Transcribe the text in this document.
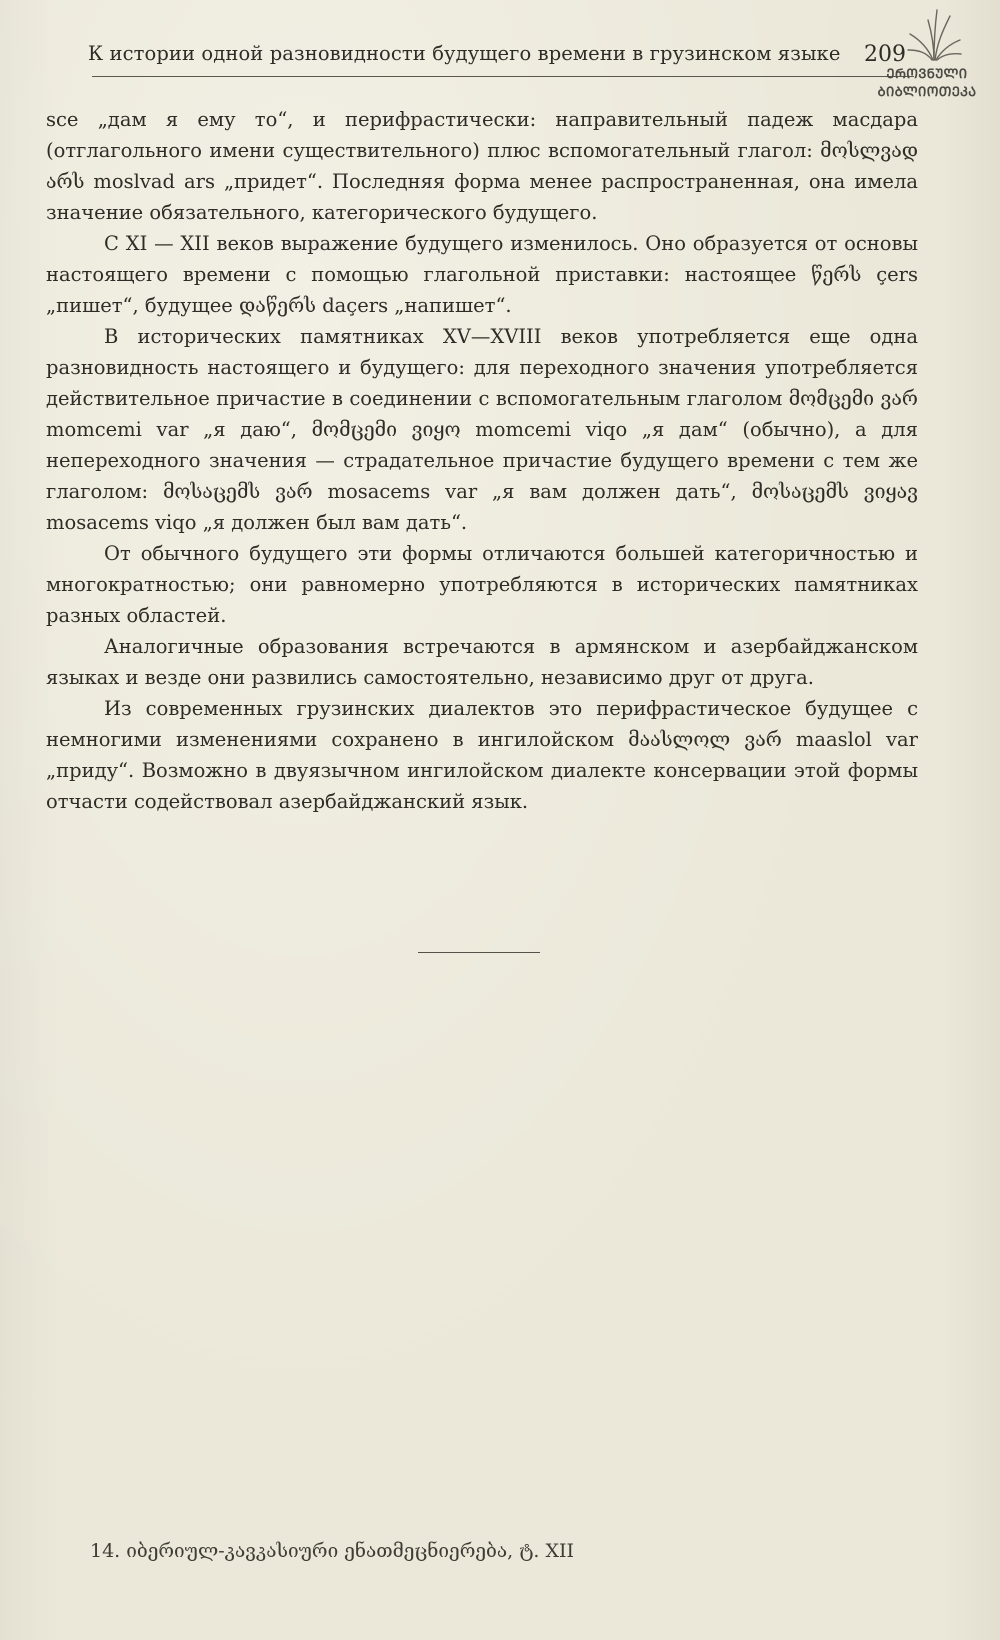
К истории одной разновидности будущего времени в грузинском языке 209
ᲔᲠᲝᲕᲜᲣᲚᲘ
ᲑᲘᲑᲚᲘᲝᲗᲔᲙᲐ

sce „дам я ему то“, и перифрастически: направительный падеж масдара (отглагольного имени существительного) плюс вспомогательный глагол: მოსლვად არს moslvad ars „придет“. Последняя форма менее распространенная, она имела значение обязательного, категорического будущего.

С XI — XII веков выражение будущего изменилось. Оно образуется от основы настоящего времени с помощью глагольной приставки: настоящее წერს çers „пишет“, будущее დაწერს daçers „напишет“.

В исторических памятниках XV—XVIII веков употребляется еще одна разновидность настоящего и будущего: для переходного значения употребляется действительное причастие в соединении с вспомогательным глаголом მომცემი ვარ momcemi var „я даю“, მომცემი ვიყო momcemi viqo „я дам“ (обычно), а для непереходного значения — страдательное причастие будущего времени с тем же глаголом: მოსაცემს ვარ mosacems var „я вам должен дать“, მოსაცემს ვიყავ mosacems viqo „я должен был вам дать“.

От обычного будущего эти формы отличаются большей категоричностью и многократностью; они равномерно употребляются в исторических памятниках разных областей.

Аналогичные образования встречаются в армянском и азербайджанском языках и везде они развились самостоятельно, независимо друг от друга.

Из современных грузинских диалектов это перифрастическое будущее с немногими изменениями сохранено в ингилойском მაასლოლ ვარ maaslol var „приду“. Возможно в двуязычном ингилойском диалекте консервации этой формы отчасти содействовал азербайджанский язык.

14. იბერიულ-კავკასიური ენათმეცნიერება, ტ. XII
